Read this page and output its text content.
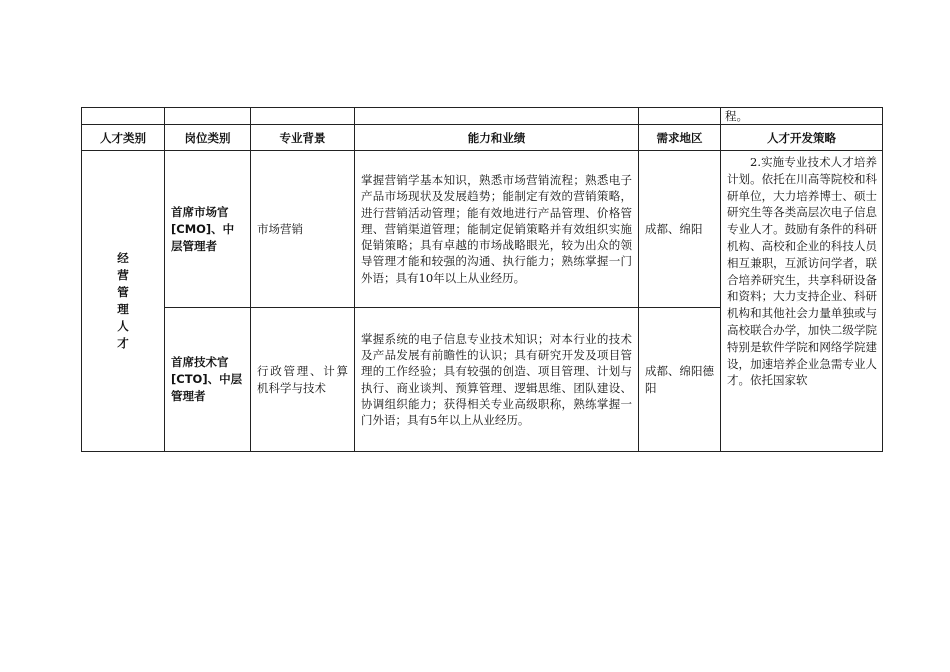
					程。
人才类别	岗位类别	专业背景	能力和业绩	需求地区	人才开发策略
经营管理人才	首席市场官[CMO]、中层管理者	市场营销	掌握营销学基本知识，熟悉市场营销流程；熟悉电子产品市场现状及发展趋势；能制定有效的营销策略，进行营销活动管理；能有效地进行产品管理、价格管理、营销渠道管理；能制定促销策略并有效组织实施促销策略；具有卓越的市场战略眼光，较为出众的领导管理才能和较强的沟通、执行能力；熟练掌握一门外语；具有10年以上从业经历。	成都、绵阳	2.实施专业技术人才培养计划。依托在川高等院校和科研单位，大力培养博士、硕士研究生等各类高层次电子信息专业人才。鼓励有条件的科研机构、高校和企业的科技人员相互兼职，互派访问学者，联合培养研究生，共享科研设备和资料；大力支持企业、科研机构和其他社会力量单独或与高校联合办学，加快二级学院特别是软件学院和网络学院建设，加速培养企业急需专业人才。依托国家软
	首席技术官[CTO]、中层管理者	行政管理、计算机科学与技术	掌握系统的电子信息专业技术知识；对本行业的技术及产品发展有前瞻性的认识；具有研究开发及项目管理的工作经验；具有较强的创造、项目管理、计划与执行、商业谈判、预算管理、逻辑思维、团队建设、协调组织能力；获得相关专业高级职称，熟练掌握一门外语；具有5年以上从业经历。	成都、绵阳德阳	
